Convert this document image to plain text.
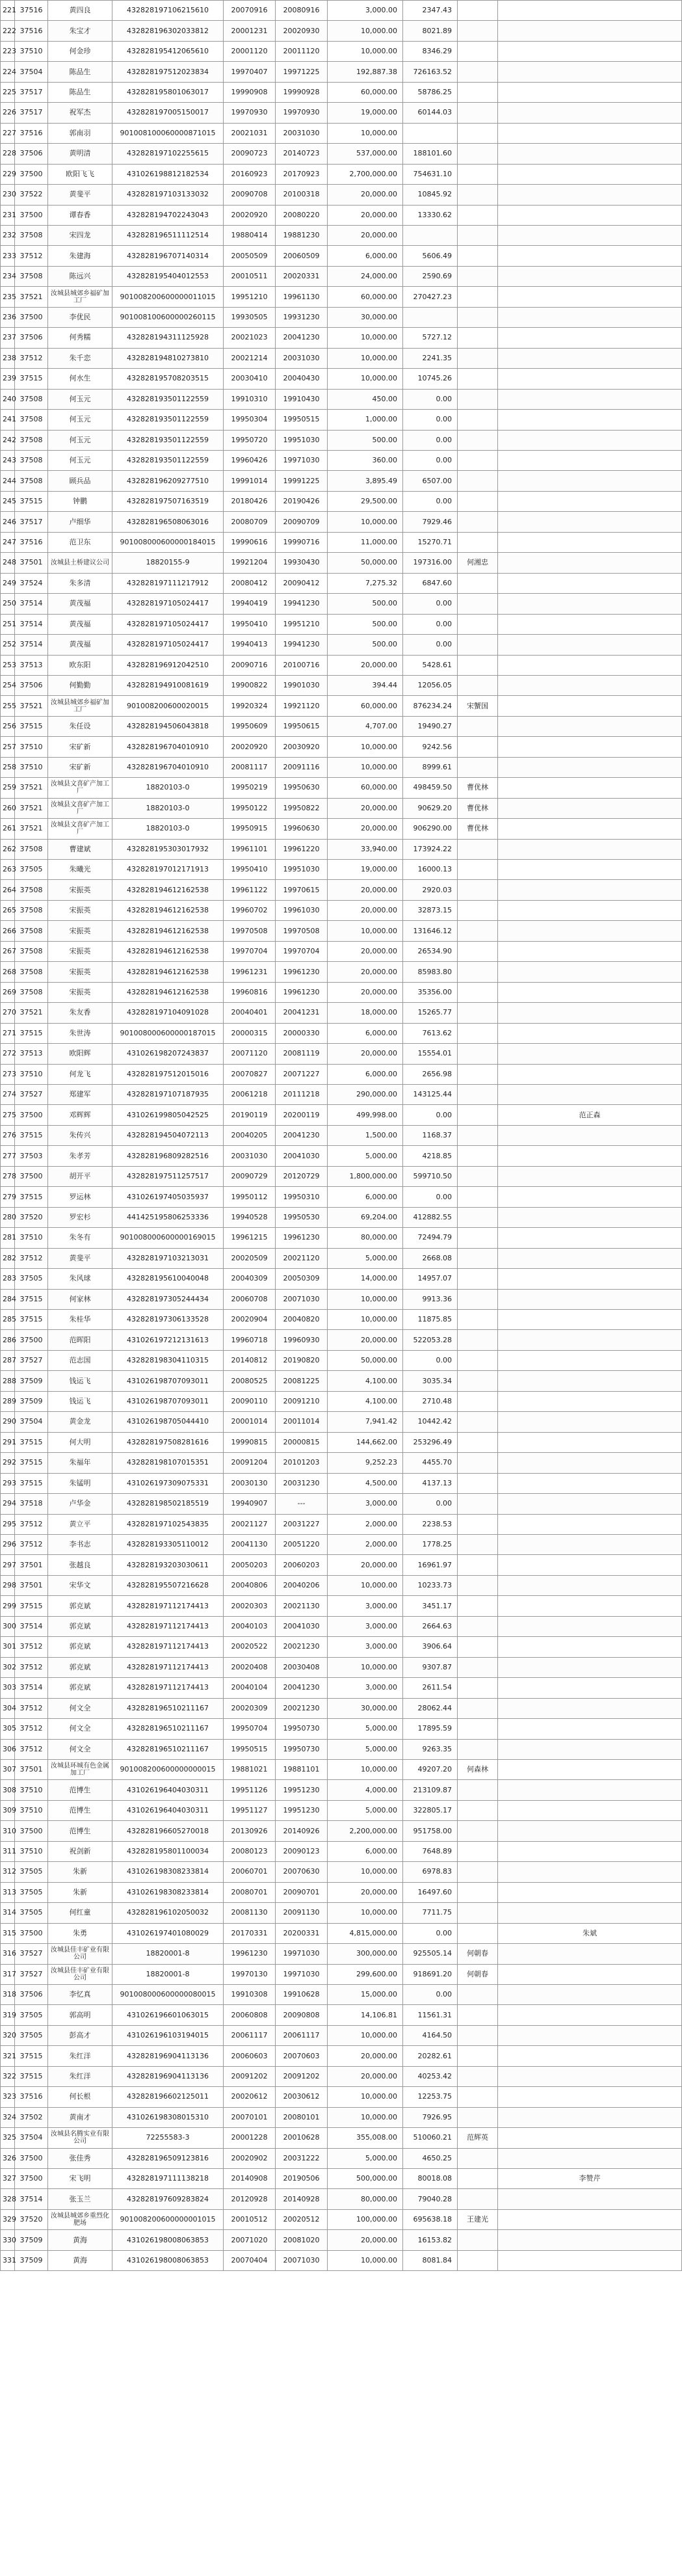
221	37516	黄四良	432828197106215610	20070916	20080916	3,000.00	2347.43		
222	37516	朱宝才	432828196302033812	20001231	20020930	10,000.00	8021.89		
223	37510	何金珍	432828195412065610	20001120	20011120	10,000.00	8346.29		
224	37504	陈品生	432828197512023834	19970407	19971225	192,887.38	726163.52		
225	37517	陈品生	432828195801063017	19990908	19990928	60,000.00	58786.25		
226	37517	祝军杰	432828197005150017	19970930	19970930	19,000.00	60144.03		
227	37516	郭南羽	901008100060000871015	20021031	20031030	10,000.00			
228	37506	黄明清	432828197102255615	20090723	20140723	537,000.00	188101.60		
229	37500	欧阳飞飞	431026198812182534	20160923	20170923	2,700,000.00	754631.10		
230	37522	黄斐平	432828197103133032	20090708	20100318	20,000.00	10845.92		
231	37500	谭春香	432828194702243043	20020920	20080220	20,000.00	13330.62		
232	37508	宋四龙	432828196511112514	19880414	19881230	20,000.00			
233	37512	朱建海	432828196707140314	20050509	20060509	6,000.00	5606.49		
234	37508	陈远兴	432828195404012553	20010511	20020331	24,000.00	2590.69		
235	37521	汝城县城郊乡福矿加工厂	901008200600000011015	19951210	19961130	60,000.00	270427.23		
236	37500	李优民	901008100600000260115	19930505	19931230	30,000.00			
237	37506	何秀糯	432828194311125928	20021023	20041230	10,000.00	5727.12		
238	37512	朱千恋	432828194810273810	20021214	20031030	10,000.00	2241.35		
239	37515	何水生	432828195708203515	20030410	20040430	10,000.00	10745.26		
240	37508	何玉元	432828193501122559	19910310	19910430	450.00	0.00		
241	37508	何玉元	432828193501122559	19950304	19950515	1,000.00	0.00		
242	37508	何玉元	432828193501122559	19950720	19951030	500.00	0.00		
243	37508	何玉元	432828193501122559	19960426	19971030	360.00	0.00		
244	37508	顾兵品	432828196209277510	19991014	19991225	3,895.49	6507.00		
245	37515	钟鹏	432828197507163519	20180426	20190426	29,500.00	0.00		
246	37517	卢细华	432828196508063016	20080709	20090709	10,000.00	7929.46		
247	37516	范卫东	901008000600000184015	19990616	19990716	11,000.00	15270.71		
248	37501	汝城县土桥建议公司	18820155-9	19921204	19930430	50,000.00	197316.00	何湘忠	
249	37524	朱多清	432828197111217912	20080412	20090412	7,275.32	6847.60		
250	37514	黄茂福	432828197105024417	19940419	19941230	500.00	0.00		
251	37514	黄茂福	432828197105024417	19950410	19951210	500.00	0.00		
252	37514	黄茂福	432828197105024417	19940413	19941230	500.00	0.00		
253	37513	欧东阳	432828196912042510	20090716	20100716	20,000.00	5428.61		
254	37506	何勤勤	432828194910081619	19900822	19901030	394.44	12056.05		
255	37521	汝城县城郊乡福矿加工厂	901008200600020015	19920324	19921120	60,000.00	876234.24	宋蟹国	
256	37515	朱任设	432828194506043818	19950609	19950615	4,707.00	19490.27		
257	37510	宋矿新	432828196704010910	20020920	20030920	10,000.00	9242.56		
258	37510	宋矿新	432828196704010910	20081117	20091116	10,000.00	8999.61		
259	37521	汝城县文喜矿产加工厂	18820103-0	19950219	19950630	60,000.00	498459.50	曹优林	
260	37521	汝城县文喜矿产加工厂	18820103-0	19950122	19950822	20,000.00	90629.20	曹优林	
261	37521	汝城县文喜矿产加工厂	18820103-0	19950915	19960630	20,000.00	906290.00	曹优林	
262	37508	曹建斌	432828195303017932	19961101	19961220	33,940.00	173924.22		
263	37505	朱曦光	432828197012171913	19950410	19951030	19,000.00	16000.13		
264	37508	宋振英	432828194612162538	19961122	19970615	20,000.00	2920.03		
265	37508	宋振英	432828194612162538	19960702	19961030	20,000.00	32873.15		
266	37508	宋振英	432828194612162538	19970508	19970508	10,000.00	131646.12		
267	37508	宋振英	432828194612162538	19970704	19970704	20,000.00	26534.90		
268	37508	宋振英	432828194612162538	19961231	19961230	20,000.00	85983.80		
269	37508	宋振英	432828194612162538	19960816	19961230	20,000.00	35356.00		
270	37521	朱友香	432828197104091028	20040401	20041231	18,000.00	15265.77		
271	37515	朱世涛	901008000600000187015	20000315	20000330	6,000.00	7613.62		
272	37513	欧阳辉	431026198207243837	20071120	20081119	20,000.00	15554.01		
273	37510	何龙飞	432828197512015016	20070827	20071227	6,000.00	2656.98		
274	37527	郑建军	432828197107187935	20061218	20111218	290,000.00	143125.44		
275	37500	邓辉辉	431026199805042525	20190119	20200119	499,998.00	0.00		范正森
276	37515	朱传兴	432828194504072113	20040205	20041230	1,500.00	1168.37		
277	37503	朱孝芳	432828196809282516	20031030	20041030	5,000.00	4218.85		
278	37500	胡开平	432828197511257517	20090729	20120729	1,800,000.00	599710.50		
279	37515	罗运林	431026197405035937	19950112	19950310	6,000.00	0.00		
280	37520	罗宏杉	441425195806253336	19940528	19950530	69,204.00	412882.55		
281	37510	朱冬有	901008000600000169015	19961215	19961230	80,000.00	72494.79		
282	37512	黄斐平	432828197103213031	20020509	20021120	5,000.00	2668.08		
283	37505	朱风球	432828195610040048	20040309	20050309	14,000.00	14957.07		
284	37515	何家林	432828197305244434	20060708	20071030	10,000.00	9913.36		
285	37515	朱桂华	432828197306133528	20020904	20040820	10,000.00	11875.85		
286	37500	范晖阳	431026197212131613	19960718	19960930	20,000.00	522053.28		
287	37527	范志国	432828198304110315	20140812	20190820	50,000.00	0.00		
288	37509	钱运飞	431026198707093011	20080525	20081225	4,100.00	3035.34		
289	37509	钱运飞	431026198707093011	20090110	20091210	4,100.00	2710.48		
290	37504	黄金龙	431026198705044410	20001014	20011014	7,941.42	10442.42		
291	37515	何大明	432828197508281616	19990815	20000815	144,662.00	253296.49		
292	37515	朱福年	432828198107015351	20091204	20101203	9,252.23	4455.70		
293	37515	朱锰明	431026197309075331	20030130	20031230	4,500.00	4137.13		
294	37518	卢华金	432828198502185519	19940907	---	3,000.00	0.00		
295	37512	黄立平	432828197102543835	20021127	20031227	2,000.00	2238.53		
296	37512	李书志	432828193305110012	20041130	20051220	2,000.00	1778.25		
297	37501	张越良	432828193203030611	20050203	20060203	20,000.00	16961.97		
298	37501	宋华文	432828195507216628	20040806	20040206	10,000.00	10233.73		
299	37515	郭克斌	432828197112174413	20020303	20021130	3,000.00	3451.17		
300	37514	郭克斌	432828197112174413	20040103	20041030	3,000.00	2664.63		
301	37512	郭克斌	432828197112174413	20020522	20021230	3,000.00	3906.64		
302	37512	郭克斌	432828197112174413	20020408	20030408	10,000.00	9307.87		
303	37514	郭克斌	432828197112174413	20040104	20041230	3,000.00	2611.54		
304	37512	何文全	432828196510211167	20020309	20021230	30,000.00	28062.44		
305	37512	何文全	432828196510211167	19950704	19950730	5,000.00	17895.59		
306	37512	何文全	432828196510211167	19950515	19950730	5,000.00	9263.35		
307	37501	汝城县环城有色金属加工厂	901008200600000000015	19881021	19881101	10,000.00	49207.20	何森林	
308	37510	范博生	431026196404030311	19951126	19951230	4,000.00	213109.87		
309	37510	范博生	431026196404030311	19951127	19951230	5,000.00	322805.17		
310	37500	范博生	432828196605270018	20130926	20140926	2,200,000.00	951758.00		
311	37510	祝剑新	432828195801100034	20080123	20090123	6,000.00	7648.89		
312	37505	朱新	431026198308233814	20060701	20070630	10,000.00	6978.83		
313	37505	朱新	431026198308233814	20080701	20090701	20,000.00	16497.60		
314	37505	何红童	432828196102050032	20081130	20091130	10,000.00	7711.75		
315	37500	朱勇	431026197401080029	20170331	20200331	4,815,000.00	0.00		朱斌
316	37527	汝城县佳丰矿业有限公司	18820001-8	19961230	19971030	300,000.00	925505.14	何朝春	
317	37527	汝城县佳丰矿业有限公司	18820001-8	19970130	19971030	299,600.00	918691.20	何朝春	
318	37506	李忆真	901008000600000080015	19910308	19910628	15,000.00	0.00		
319	37505	郭高明	431026196601063015	20060808	20090808	14,106.81	11561.31		
320	37505	彭高才	431026196103194015	20061117	20061117	10,000.00	4164.50		
321	37515	朱红洋	432828196904113136	20060603	20070603	20,000.00	20282.61		
322	37515	朱红洋	432828196904113136	20091202	20091202	20,000.00	40253.42		
323	37516	何长根	432828196602125011	20020612	20030612	10,000.00	12253.75		
324	37502	黄南才	431026198308015310	20070101	20080101	10,000.00	7926.95		
325	37504	汝城县名腾实业有限公司	72255583-3	20001228	20010628	355,008.00	510060.21	范辉英	
326	37500	张佳秀	432828196509123816	20020902	20031222	5,000.00	4650.25		
327	37500	宋飞明	432828197111138218	20140908	20190506	500,000.00	80018.08		李赞芹
328	37514	张玉兰	432828197609283824	20120928	20140928	80,000.00	79040.28		
329	37520	汝城县城郊乡重烈化肥场	901008200600000001015	20010512	20020512	100,000.00	695638.18	王建光	
330	37509	黄海	431026198008063853	20071020	20081020	20,000.00	16153.82		
331	37509	黄海	431026198008063853	20070404	20071030	10,000.00	8081.84		
